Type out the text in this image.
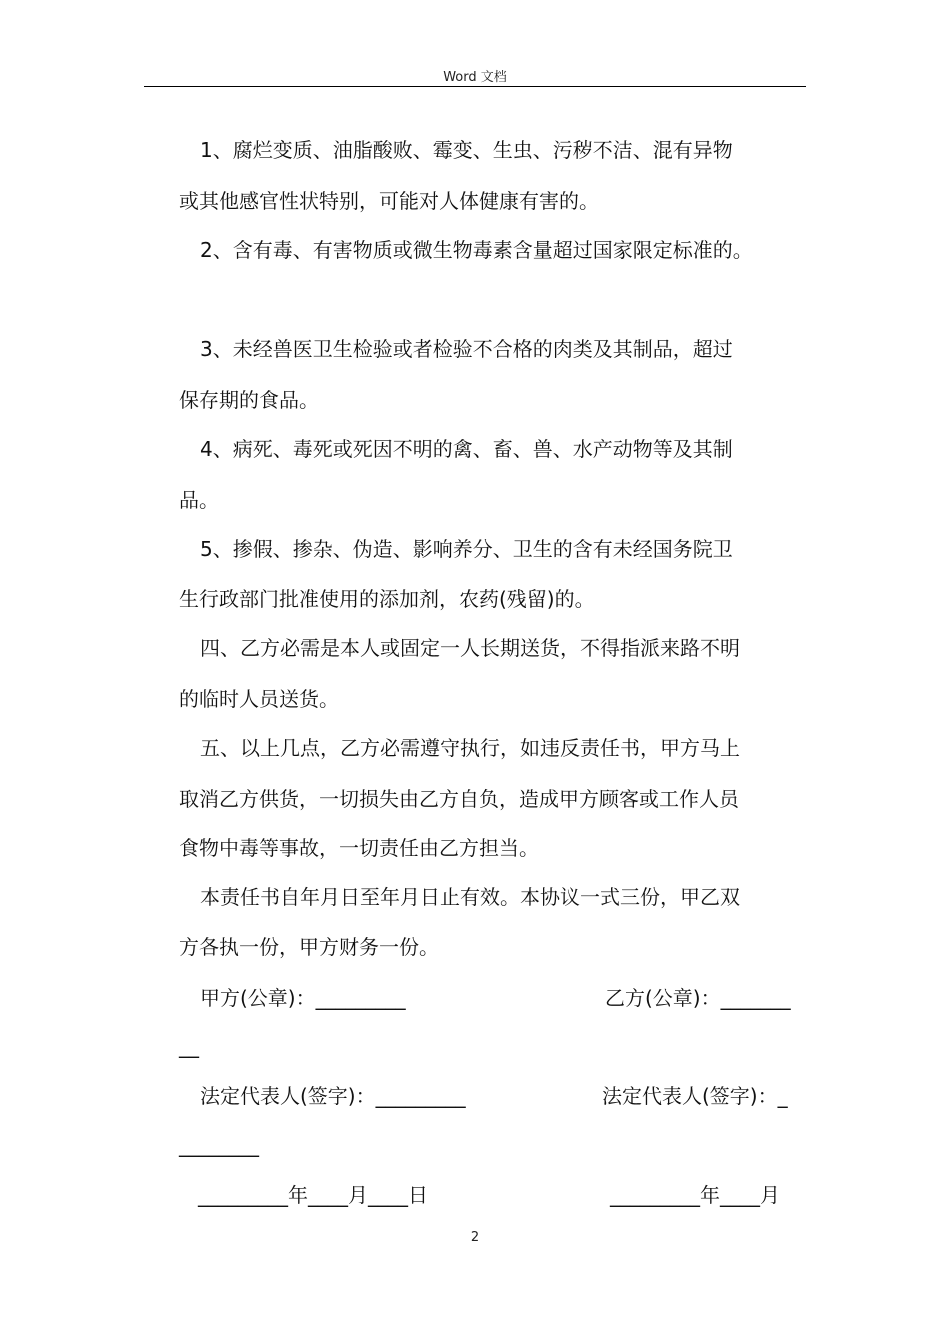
Word 文档
1、腐烂变质、油脂酸败、霉变、生虫、污秽不洁、混有异物
或其他感官性状特别，可能对人体健康有害的。
2、含有毒、有害物质或微生物毒素含量超过国家限定标准的。
3、未经兽医卫生检验或者检验不合格的肉类及其制品，超过
保存期的食品。
4、病死、毒死或死因不明的禽、畜、兽、水产动物等及其制
品。
5、掺假、掺杂、伪造、影响养分、卫生的含有未经国务院卫
生行政部门批准使用的添加剂，农药(残留)的。
四、乙方必需是本人或固定一人长期送货，不得指派来路不明
的临时人员送货。
五、以上几点，乙方必需遵守执行，如违反责任书，甲方马上
取消乙方供货，一切损失由乙方自负，造成甲方顾客或工作人员
食物中毒等事故，一切责任由乙方担当。
本责任书自年月日至年月日止有效。本协议一式三份，甲乙双
方各执一份，甲方财务一份。
甲方(公章)：_________	乙方(公章)：_______
__
法定代表人(签字)：_________	法定代表人(签字)：_
________
_________年____月____日	_________年____月
2
